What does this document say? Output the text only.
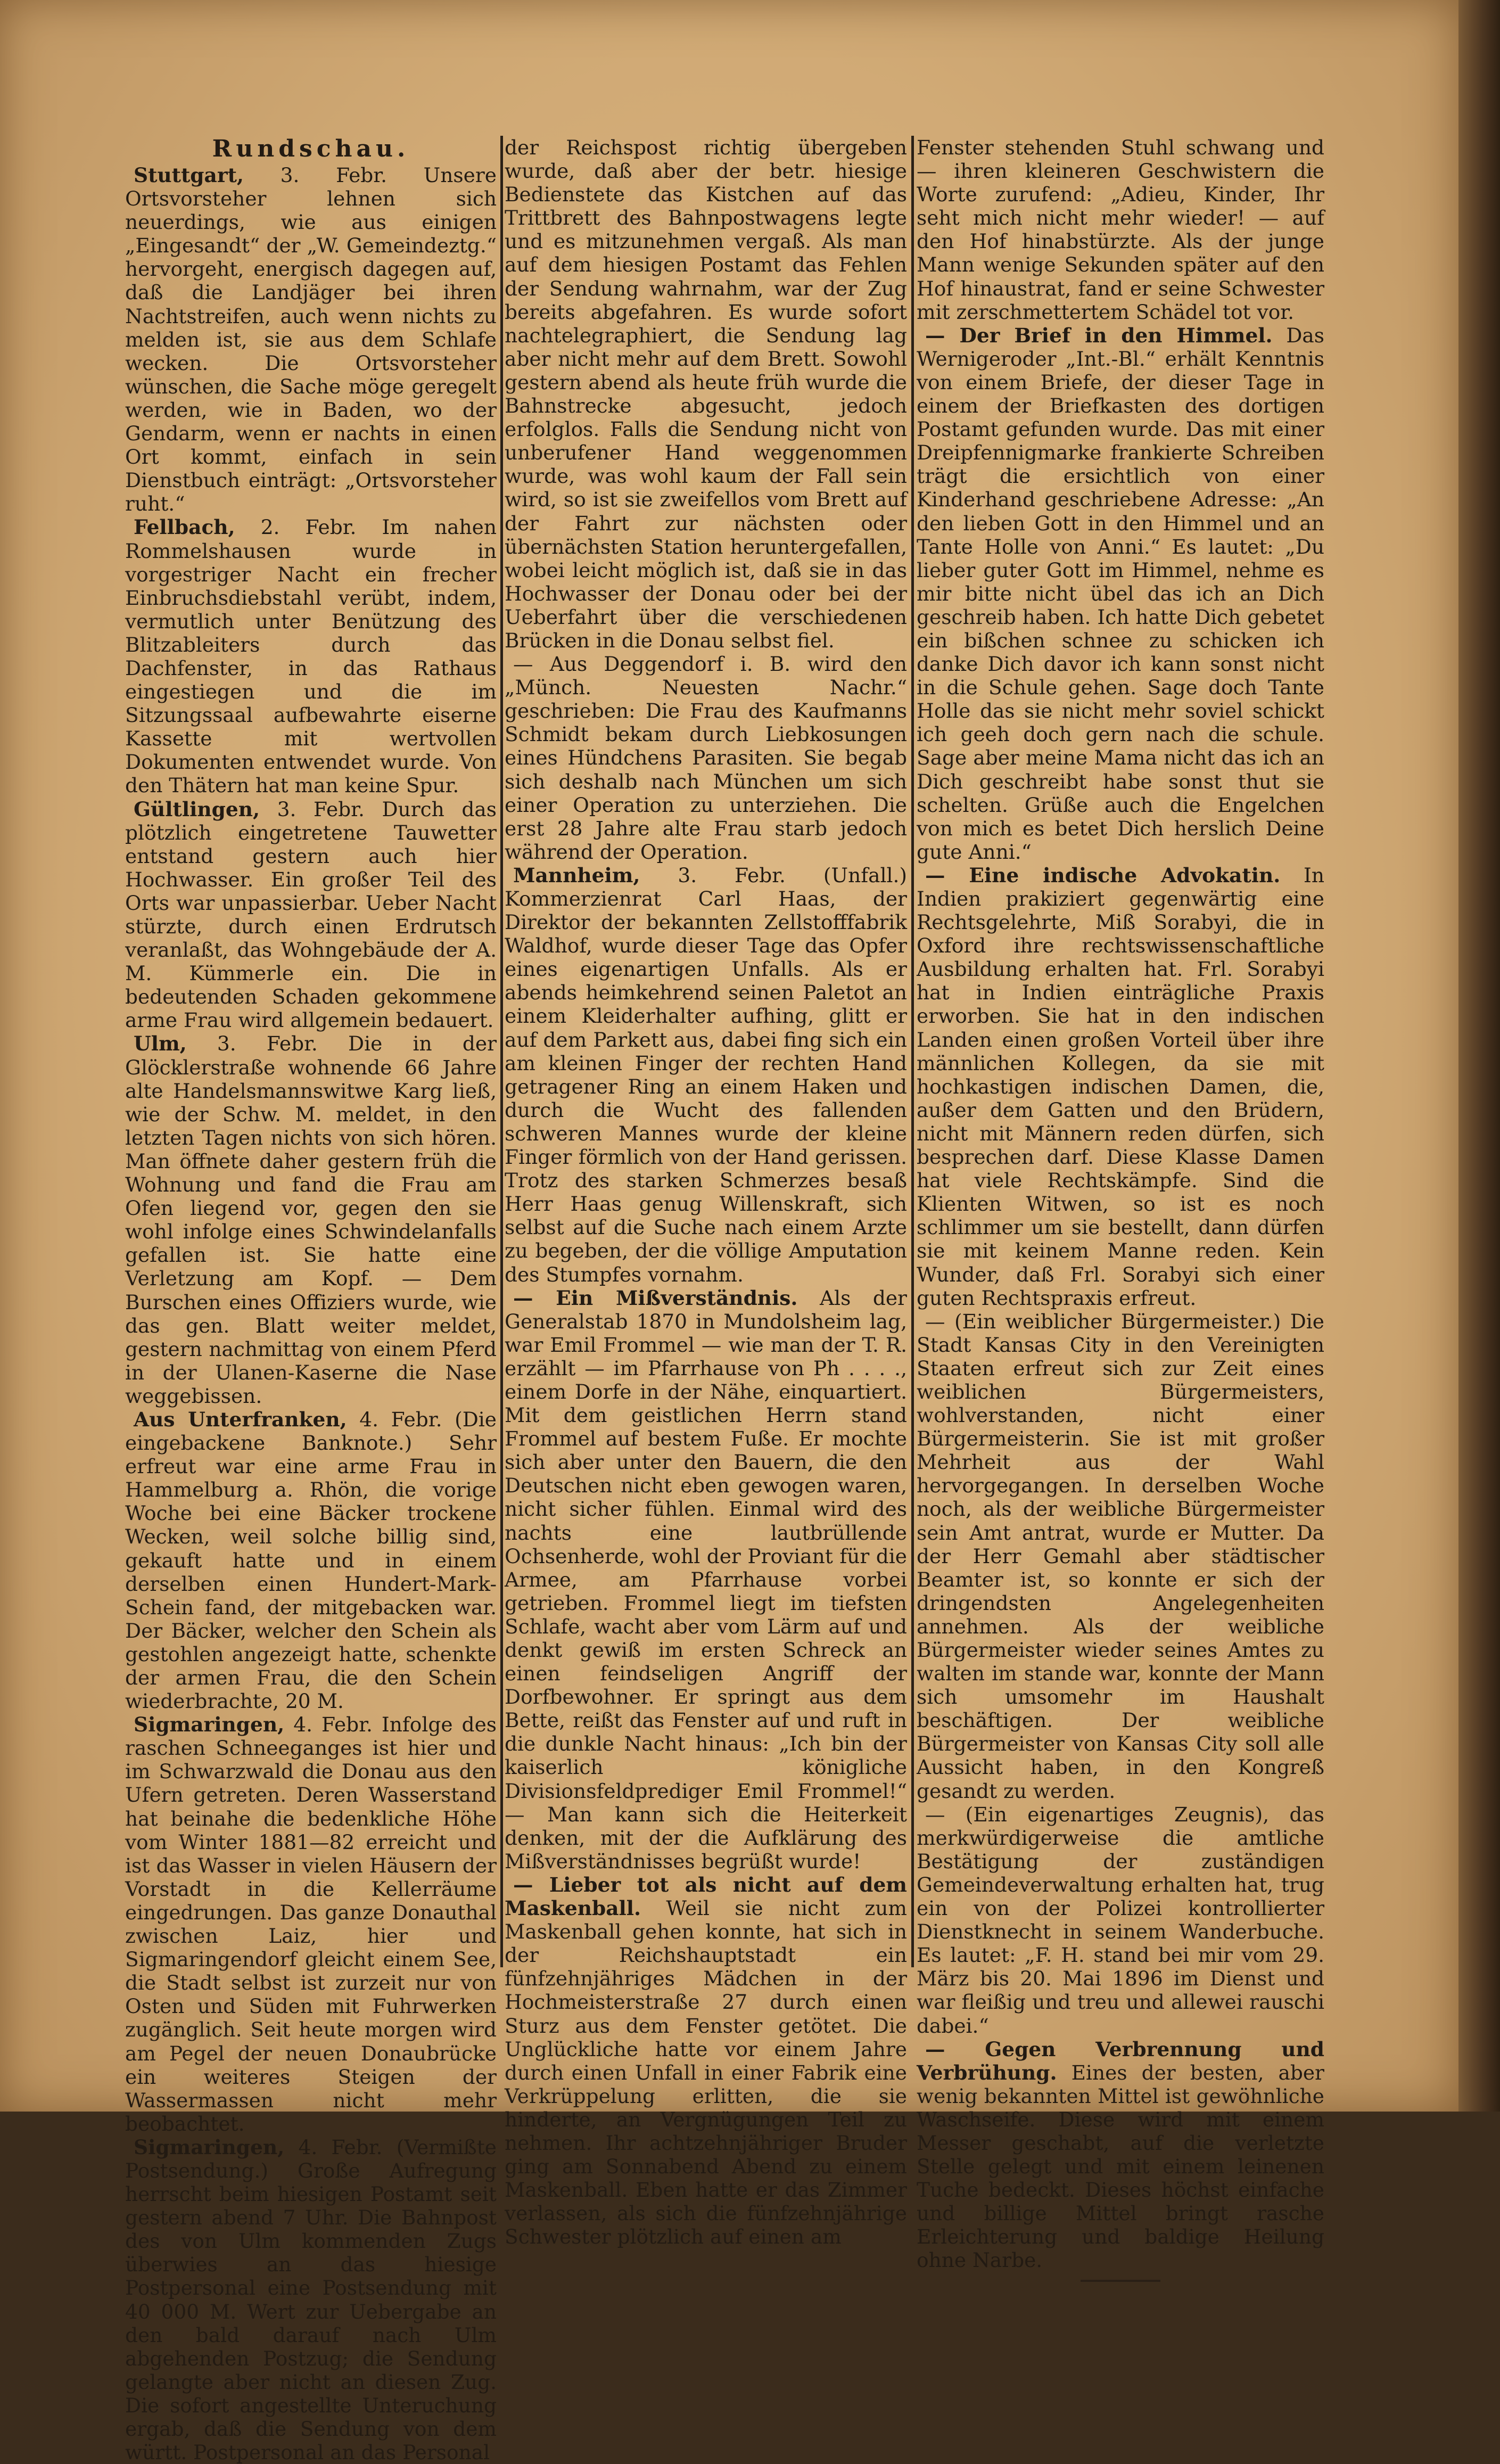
Rundschau.

Stuttgart, 3. Febr. Unsere Ortsvorsteher lehnen sich neuerdings, wie aus einigen „Eingesandt“ der „W. Gemeindeztg.“ hervorgeht, energisch dagegen auf, daß die Landjäger bei ihren Nachtstreifen, auch wenn nichts zu melden ist, sie aus dem Schlafe wecken. Die Ortsvorsteher wünschen, die Sache möge geregelt werden, wie in Baden, wo der Gendarm, wenn er nachts in einen Ort kommt, einfach in sein Dienstbuch einträgt: „Ortsvorsteher ruht.“

Fellbach, 2. Febr. Im nahen Rommelshausen wurde in vorgestriger Nacht ein frecher Einbruchsdiebstahl verübt, indem, vermutlich unter Benützung des Blitzableiters durch das Dachfenster, in das Rathaus eingestiegen und die im Sitzungssaal aufbewahrte eiserne Kassette mit wertvollen Dokumenten entwendet wurde. Von den Thätern hat man keine Spur.

Gültlingen, 3. Febr. Durch das plötzlich eingetretene Tauwetter entstand gestern auch hier Hochwasser. Ein großer Teil des Orts war unpassierbar. Ueber Nacht stürzte, durch einen Erdrutsch veranlaßt, das Wohngebäude der A. M. Kümmerle ein. Die in bedeutenden Schaden gekommene arme Frau wird allgemein bedauert.

Ulm, 3. Febr. Die in der Glöcklerstraße wohnende 66 Jahre alte Handelsmannswitwe Karg ließ, wie der Schw. M. meldet, in den letzten Tagen nichts von sich hören. Man öffnete daher gestern früh die Wohnung und fand die Frau am Ofen liegend vor, gegen den sie wohl infolge eines Schwindelanfalls gefallen ist. Sie hatte eine Verletzung am Kopf. — Dem Burschen eines Offiziers wurde, wie das gen. Blatt weiter meldet, gestern nachmittag von einem Pferd in der Ulanen-Kaserne die Nase weggebissen.

Aus Unterfranken, 4. Febr. (Die eingebackene Banknote.) Sehr erfreut war eine arme Frau in Hammelburg a. Rhön, die vorige Woche bei eine Bäcker trockene Wecken, weil solche billig sind, gekauft hatte und in einem derselben einen Hundert-Mark-Schein fand, der mitgebacken war. Der Bäcker, welcher den Schein als gestohlen angezeigt hatte, schenkte der armen Frau, die den Schein wiederbrachte, 20 M.

Sigmaringen, 4. Febr. Infolge des raschen Schneeganges ist hier und im Schwarzwald die Donau aus den Ufern getreten. Deren Wasserstand hat beinahe die bedenkliche Höhe vom Winter 1881—82 erreicht und ist das Wasser in vielen Häusern der Vorstadt in die Kellerräume eingedrungen. Das ganze Donauthal zwischen Laiz, hier und Sigmaringendorf gleicht einem See, die Stadt selbst ist zurzeit nur von Osten und Süden mit Fuhrwerken zugänglich. Seit heute morgen wird am Pegel der neuen Donaubrücke ein weiteres Steigen der Wassermassen nicht mehr beobachtet.

Sigmaringen, 4. Febr. (Vermißte Postsendung.) Große Aufregung herrscht beim hiesigen Postamt seit gestern abend 7 Uhr. Die Bahnpost des von Ulm kommenden Zugs überwies an das hiesige Postpersonal eine Postsendung mit 40 000 M. Wert zur Uebergabe an den bald darauf nach Ulm abgehenden Postzug; die Sendung gelangte aber nicht an diesen Zug. Die sofort angestellte Unteruchung ergab, daß die Sendung von dem württ. Postpersonal an das Personal

der Reichspost richtig übergeben wurde, daß aber der betr. hiesige Bedienstete das Kistchen auf das Trittbrett des Bahnpostwagens legte und es mitzunehmen vergaß. Als man auf dem hiesigen Postamt das Fehlen der Sendung wahrnahm, war der Zug bereits abgefahren. Es wurde sofort nachtelegraphiert, die Sendung lag aber nicht mehr auf dem Brett. Sowohl gestern abend als heute früh wurde die Bahnstrecke abgesucht, jedoch erfolglos. Falls die Sendung nicht von unberufener Hand weggenommen wurde, was wohl kaum der Fall sein wird, so ist sie zweifellos vom Brett auf der Fahrt zur nächsten oder übernächsten Station heruntergefallen, wobei leicht möglich ist, daß sie in das Hochwasser der Donau oder bei der Ueberfahrt über die verschiedenen Brücken in die Donau selbst fiel.

— Aus Deggendorf i. B. wird den „Münch. Neuesten Nachr.“ geschrieben: Die Frau des Kaufmanns Schmidt bekam durch Liebkosungen eines Hündchens Parasiten. Sie begab sich deshalb nach München um sich einer Operation zu unterziehen. Die erst 28 Jahre alte Frau starb jedoch während der Operation.

Mannheim, 3. Febr. (Unfall.) Kommerzienrat Carl Haas, der Direktor der bekannten Zellstofffabrik Waldhof, wurde dieser Tage das Opfer eines eigenartigen Unfalls. Als er abends heimkehrend seinen Paletot an einem Kleiderhalter aufhing, glitt er auf dem Parkett aus, dabei fing sich ein am kleinen Finger der rechten Hand getragener Ring an einem Haken und durch die Wucht des fallenden schweren Mannes wurde der kleine Finger förmlich von der Hand gerissen. Trotz des starken Schmerzes besaß Herr Haas genug Willenskraft, sich selbst auf die Suche nach einem Arzte zu begeben, der die völlige Amputation des Stumpfes vornahm.

— Ein Mißverständnis. Als der Generalstab 1870 in Mundolsheim lag, war Emil Frommel — wie man der T. R. erzählt — im Pfarrhause von Ph . . . ., einem Dorfe in der Nähe, einquartiert. Mit dem geistlichen Herrn stand Frommel auf bestem Fuße. Er mochte sich aber unter den Bauern, die den Deutschen nicht eben gewogen waren, nicht sicher fühlen. Einmal wird des nachts eine lautbrüllende Ochsenherde, wohl der Proviant für die Armee, am Pfarrhause vorbei getrieben. Frommel liegt im tiefsten Schlafe, wacht aber vom Lärm auf und denkt gewiß im ersten Schreck an einen feindseligen Angriff der Dorfbewohner. Er springt aus dem Bette, reißt das Fenster auf und ruft in die dunkle Nacht hinaus: „Ich bin der kaiserlich königliche Divisionsfeldprediger Emil Frommel!“ — Man kann sich die Heiterkeit denken, mit der die Aufklärung des Mißverständnisses begrüßt wurde!

— Lieber tot als nicht auf dem Maskenball. Weil sie nicht zum Maskenball gehen konnte, hat sich in der Reichshauptstadt ein fünfzehnjähriges Mädchen in der Hochmeisterstraße 27 durch einen Sturz aus dem Fenster getötet. Die Unglückliche hatte vor einem Jahre durch einen Unfall in einer Fabrik eine Verkrüppelung erlitten, die sie hinderte, an Vergnügungen Teil zu nehmen. Ihr achtzehnjähriger Bruder ging am Sonnabend Abend zu einem Maskenball. Eben hatte er das Zimmer verlassen, als sich die fünfzehnjährige Schwester plötzlich auf einen am

Fenster stehenden Stuhl schwang und — ihren kleineren Geschwistern die Worte zurufend: „Adieu, Kinder, Ihr seht mich nicht mehr wieder! — auf den Hof hinabstürzte. Als der junge Mann wenige Sekunden später auf den Hof hinaustrat, fand er seine Schwester mit zerschmettertem Schädel tot vor.

— Der Brief in den Himmel. Das Wernigeroder „Int.-Bl.“ erhält Kenntnis von einem Briefe, der dieser Tage in einem der Briefkasten des dortigen Postamt gefunden wurde. Das mit einer Dreipfennigmarke frankierte Schreiben trägt die ersichtlich von einer Kinderhand geschriebene Adresse: „An den lieben Gott in den Himmel und an Tante Holle von Anni.“ Es lautet: „Du lieber guter Gott im Himmel, nehme es mir bitte nicht übel das ich an Dich geschreib haben. Ich hatte Dich gebetet ein bißchen schnee zu schicken ich danke Dich davor ich kann sonst nicht in die Schule gehen. Sage doch Tante Holle das sie nicht mehr soviel schickt ich geeh doch gern nach die schule. Sage aber meine Mama nicht das ich an Dich geschreibt habe sonst thut sie schelten. Grüße auch die Engelchen von mich es betet Dich herslich Deine gute Anni.“

— Eine indische Advokatin. In Indien prakiziert gegenwärtig eine Rechtsgelehrte, Miß Sorabyi, die in Oxford ihre rechtswissenschaftliche Ausbildung erhalten hat. Frl. Sorabyi hat in Indien einträgliche Praxis erworben. Sie hat in den indischen Landen einen großen Vorteil über ihre männlichen Kollegen, da sie mit hochkastigen indischen Damen, die, außer dem Gatten und den Brüdern, nicht mit Männern reden dürfen, sich besprechen darf. Diese Klasse Damen hat viele Rechtskämpfe. Sind die Klienten Witwen, so ist es noch schlimmer um sie bestellt, dann dürfen sie mit keinem Manne reden. Kein Wunder, daß Frl. Sorabyi sich einer guten Rechtspraxis erfreut.

— (Ein weiblicher Bürgermeister.) Die Stadt Kansas City in den Vereinigten Staaten erfreut sich zur Zeit eines weiblichen Bürgermeisters, wohlverstanden, nicht einer Bürgermeisterin. Sie ist mit großer Mehrheit aus der Wahl hervorgegangen. In derselben Woche noch, als der weibliche Bürgermeister sein Amt antrat, wurde er Mutter. Da der Herr Gemahl aber städtischer Beamter ist, so konnte er sich der dringendsten Angelegenheiten annehmen. Als der weibliche Bürgermeister wieder seines Amtes zu walten im stande war, konnte der Mann sich umsomehr im Haushalt beschäftigen. Der weibliche Bürgermeister von Kansas City soll alle Aussicht haben, in den Kongreß gesandt zu werden.

— (Ein eigenartiges Zeugnis), das merkwürdigerweise die amtliche Bestätigung der zuständigen Gemeindeverwaltung erhalten hat, trug ein von der Polizei kontrollierter Dienstknecht in seinem Wanderbuche. Es lautet: „F. H. stand bei mir vom 29. März bis 20. Mai 1896 im Dienst und war fleißig und treu und allewei rauschi dabei.“

— Gegen Verbrennung und Verbrühung. Eines der besten, aber wenig bekannten Mittel ist gewöhnliche Waschseife. Diese wird mit einem Messer geschabt, auf die verletzte Stelle gelegt und mit einem leinenen Tuche bedeckt. Dieses höchst einfache und billige Mittel bringt rasche Erleichterung und baldige Heilung ohne Narbe.
